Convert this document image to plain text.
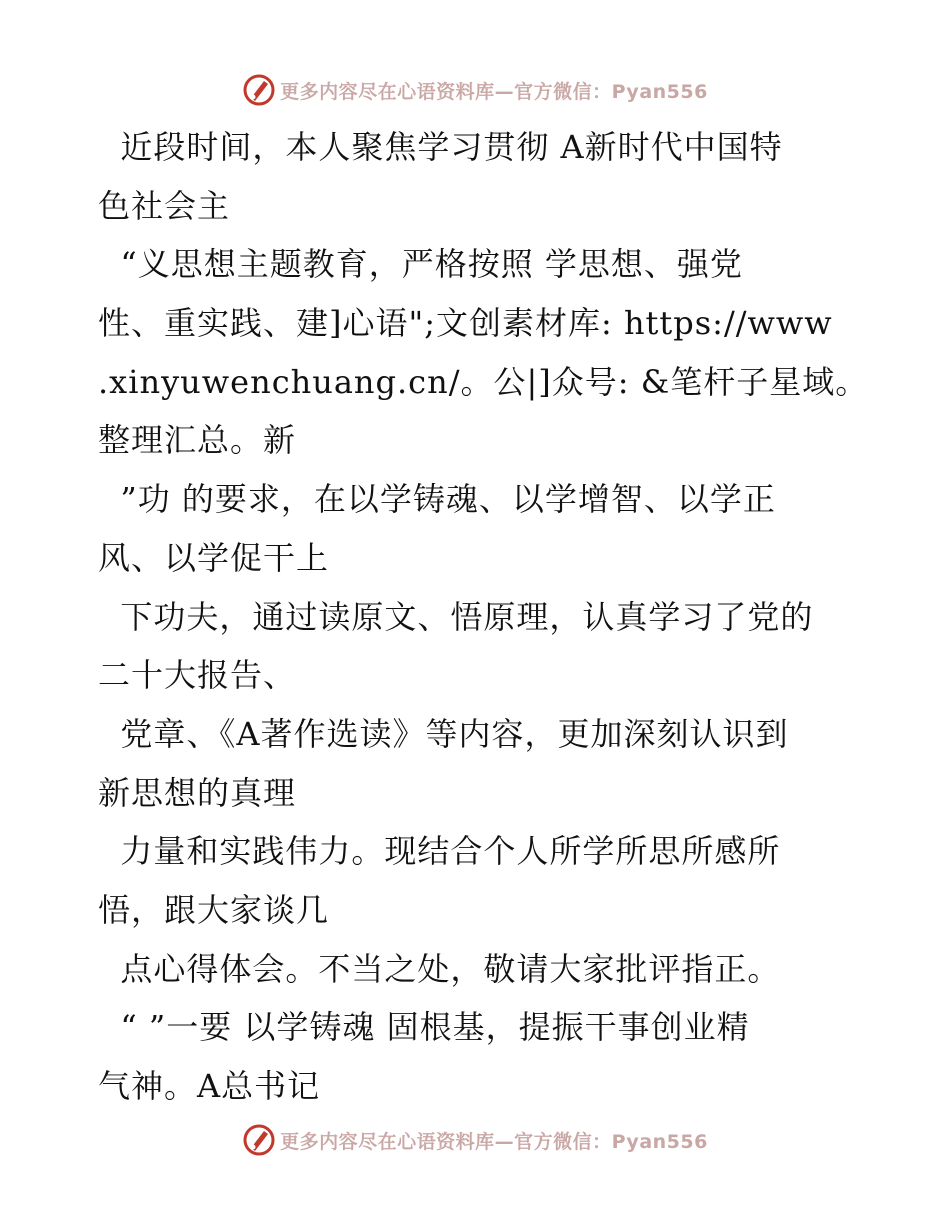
更多内容尽在心语资料库—官方微信：Pyan556
近段时间，本人聚焦学习贯彻 A新时代中国特
色社会主
“义思想主题教育，严格按照 学思想、强党
性、重实践、建]心语";文创素材库: https://www
.xinyuwenchuang.cn/。公|]众号: &笔杆子星域。
整理汇总。新
”功 的要求，在以学铸魂、以学增智、以学正
风、以学促干上
下功夫，通过读原文、悟原理，认真学习了党的
二十大报告、
党章、《A著作选读》等内容，更加深刻认识到
新思想的真理
力量和实践伟力。现结合个人所学所思所感所
悟，跟大家谈几
点心得体会。不当之处，敬请大家批评指正。
“ ”一要 以学铸魂 固根基，提振干事创业精
气神。A总书记
更多内容尽在心语资料库—官方微信：Pyan556
